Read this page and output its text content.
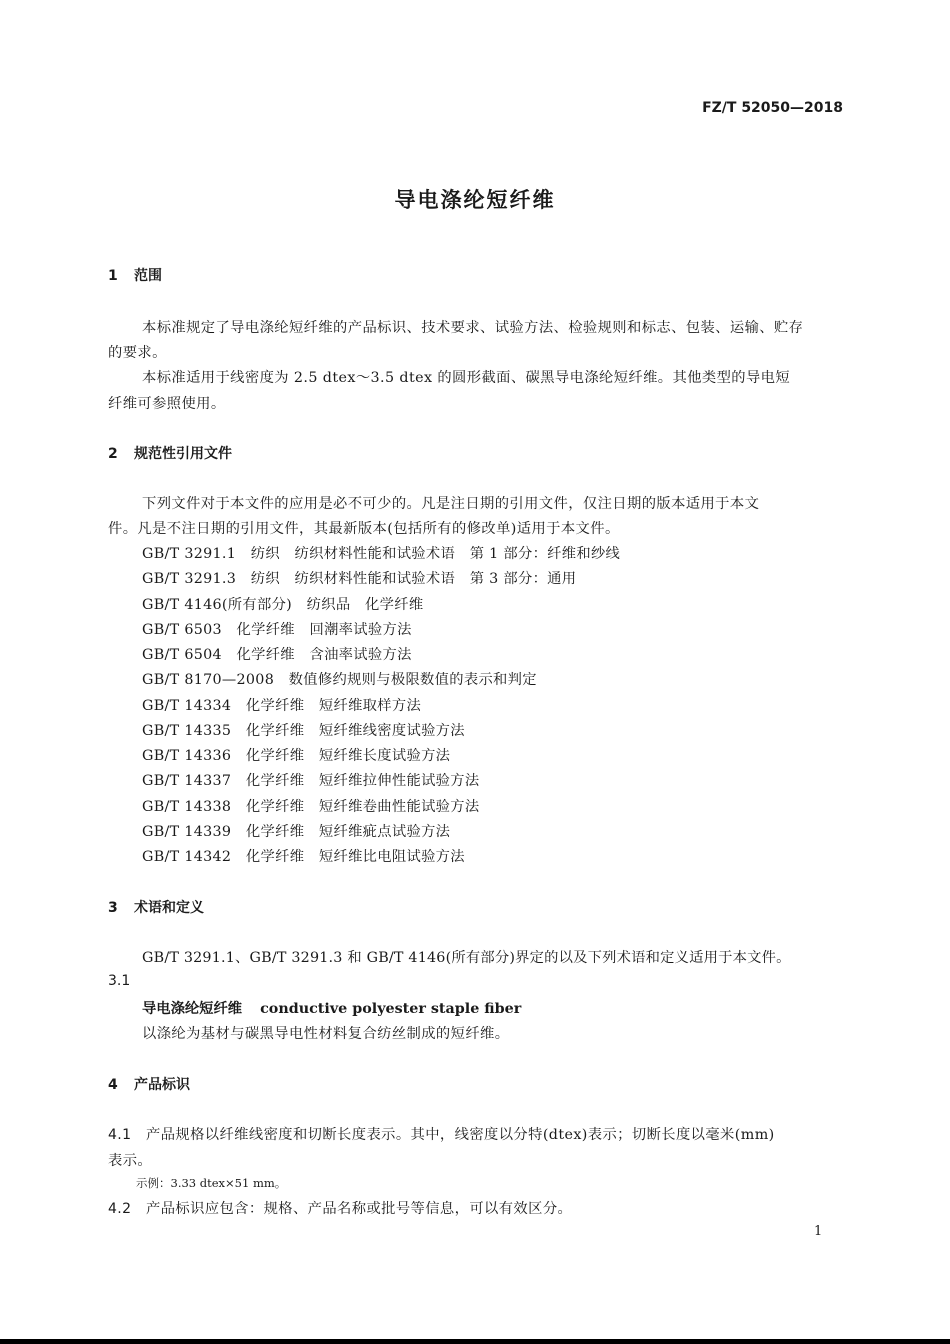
FZ/T 52050—2018
导电涤纶短纤维
1 范围
本标准规定了导电涤纶短纤维的产品标识、技术要求、试验方法、检验规则和标志、包装、运输、贮存
的要求。
本标准适用于线密度为 2.5 dtex～3.5 dtex 的圆形截面、碳黑导电涤纶短纤维。其他类型的导电短
纤维可参照使用。
2 规范性引用文件
下列文件对于本文件的应用是必不可少的。凡是注日期的引用文件，仅注日期的版本适用于本文
件。凡是不注日期的引用文件，其最新版本(包括所有的修改单)适用于本文件。
GB/T 3291.1　纺织　纺织材料性能和试验术语　第 1 部分：纤维和纱线
GB/T 3291.3　纺织　纺织材料性能和试验术语　第 3 部分：通用
GB/T 4146(所有部分)　纺织品　化学纤维
GB/T 6503　化学纤维　回潮率试验方法
GB/T 6504　化学纤维　含油率试验方法
GB/T 8170—2008　数值修约规则与极限数值的表示和判定
GB/T 14334　化学纤维　短纤维取样方法
GB/T 14335　化学纤维　短纤维线密度试验方法
GB/T 14336　化学纤维　短纤维长度试验方法
GB/T 14337　化学纤维　短纤维拉伸性能试验方法
GB/T 14338　化学纤维　短纤维卷曲性能试验方法
GB/T 14339　化学纤维　短纤维疵点试验方法
GB/T 14342　化学纤维　短纤维比电阻试验方法
3 术语和定义
GB/T 3291.1、GB/T 3291.3 和 GB/T 4146(所有部分)界定的以及下列术语和定义适用于本文件。
3.1
导电涤纶短纤维 conductive polyester staple fiber
以涤纶为基材与碳黑导电性材料复合纺丝制成的短纤维。
4 产品标识
4.1 产品规格以纤维线密度和切断长度表示。其中，线密度以分特(dtex)表示；切断长度以毫米(mm)
表示。
示例：3.33 dtex×51 mm。
4.2 产品标识应包含：规格、产品名称或批号等信息，可以有效区分。
1
